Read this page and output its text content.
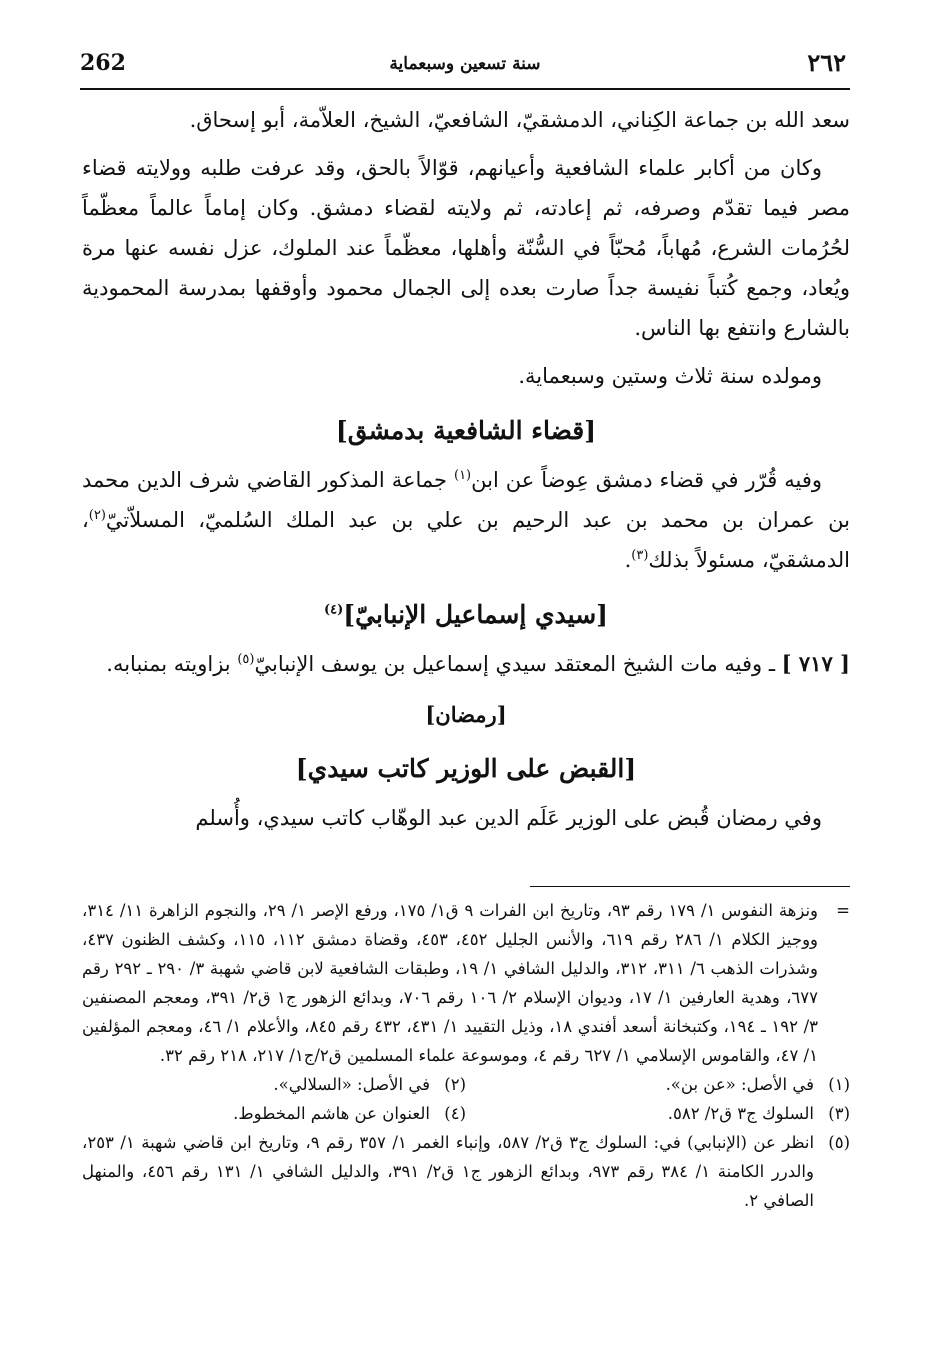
262	سنة تسعين وسبعماية	٢٦٢

سعد الله بن جماعة الكِناني، الدمشقيّ، الشافعيّ، الشيخ، العلاّمة، أبو إسحاق.

وكان من أكابر علماء الشافعية وأعيانهم، قوّالاً بالحق، وقد عرفت طلبه وولايته قضاء مصر فيما تقدّم وصرفه، ثم إعادته، ثم ولايته لقضاء دمشق. وكان إماماً عالماً معظّماً لحُرُمات الشرع، مُهاباً، مُحبّاً في السُّنّة وأهلها، معظّماً عند الملوك، عزل نفسه عنها مرة ويُعاد، وجمع كُتباً نفيسة جداً صارت بعده إلى الجمال محمود وأوقفها بمدرسة المحمودية بالشارع وانتفع بها الناس.

ومولده سنة ثلاث وستين وسبعماية.

[قضاء الشافعية بدمشق]

وفيه قُرّر في قضاء دمشق عِوضاً عن ابن$^{(١)}$ جماعة المذكور القاضي شرف الدين محمد بن عمران بن محمد بن عبد الرحيم بن علي بن عبد الملك السُلميّ، المسلاّتيّ$^{(٢)}$، الدمشقيّ، مسئولاً بذلك$^{(٣)}$.

[سيدي إسماعيل الإنبابيّ]$^{(٤)}$

[ ٧١٧ ] ـ وفيه مات الشيخ المعتقد سيدي إسماعيل بن يوسف الإنبابيّ$^{(٥)}$ بزاويته بمنبابه.

[رمضان]
[القبض على الوزير كاتب سيدي]

وفي رمضان قُبض على الوزير عَلَم الدين عبد الوهّاب كاتب سيدي، وأُسلم

=
ونزهة النفوس ١/ ١٧٩ رقم ٩٣، وتاريخ ابن الفرات ٩ ق١/ ١٧٥، ورفع الإصر ١/ ٢٩، والنجوم الزاهرة ١١/ ٣١٤، ووجيز الكلام ١/ ٢٨٦ رقم ٦١٩، والأنس الجليل ٤٥٢، ٤٥٣، وقضاة دمشق ١١٢، ١١٥، وكشف الظنون ٤٣٧، وشذرات الذهب ٦/ ٣١١، ٣١٢، والدليل الشافي ١/ ١٩، وطبقات الشافعية لابن قاضي شهبة ٣/ ٢٩٠ ـ ٢٩٢ رقم ٦٧٧، وهدية العارفين ١/ ١٧، وديوان الإسلام ٢/ ١٠٦ رقم ٧٠٦، وبدائع الزهور ج١ ق٢/ ٣٩١، ومعجم المصنفين ٣/ ١٩٢ ـ ١٩٤، وكتبخانة أسعد أفندي ١٨، وذيل التقييد ١/ ٤٣١، ٤٣٢ رقم ٨٤٥، والأعلام ١/ ٤٦، ومعجم المؤلفين ١/ ٤٧، والقاموس الإسلامي ١/ ٦٢٧ رقم ٤، وموسوعة علماء المسلمين ق٢/ج١/ ٢١٧، ٢١٨ رقم ٣٢.
(١)
في الأصل: «عن بن».
(٢)
في الأصل: «السلالي».
(٣)
السلوك ج٣ ق٢/ ٥٨٢.
(٤)
العنوان عن هاشم المخطوط.
(٥)
انظر عن (الإنبابي) في: السلوك ج٣ ق٢/ ٥٨٧، وإنباء الغمر ١/ ٣٥٧ رقم ٩، وتاريخ ابن قاضي شهبة ١/ ٢٥٣، والدرر الكامنة ١/ ٣٨٤ رقم ٩٧٣، وبدائع الزهور ج١ ق٢/ ٣٩١، والدليل الشافي ١/ ١٣١ رقم ٤٥٦، والمنهل الصافي ٢.
